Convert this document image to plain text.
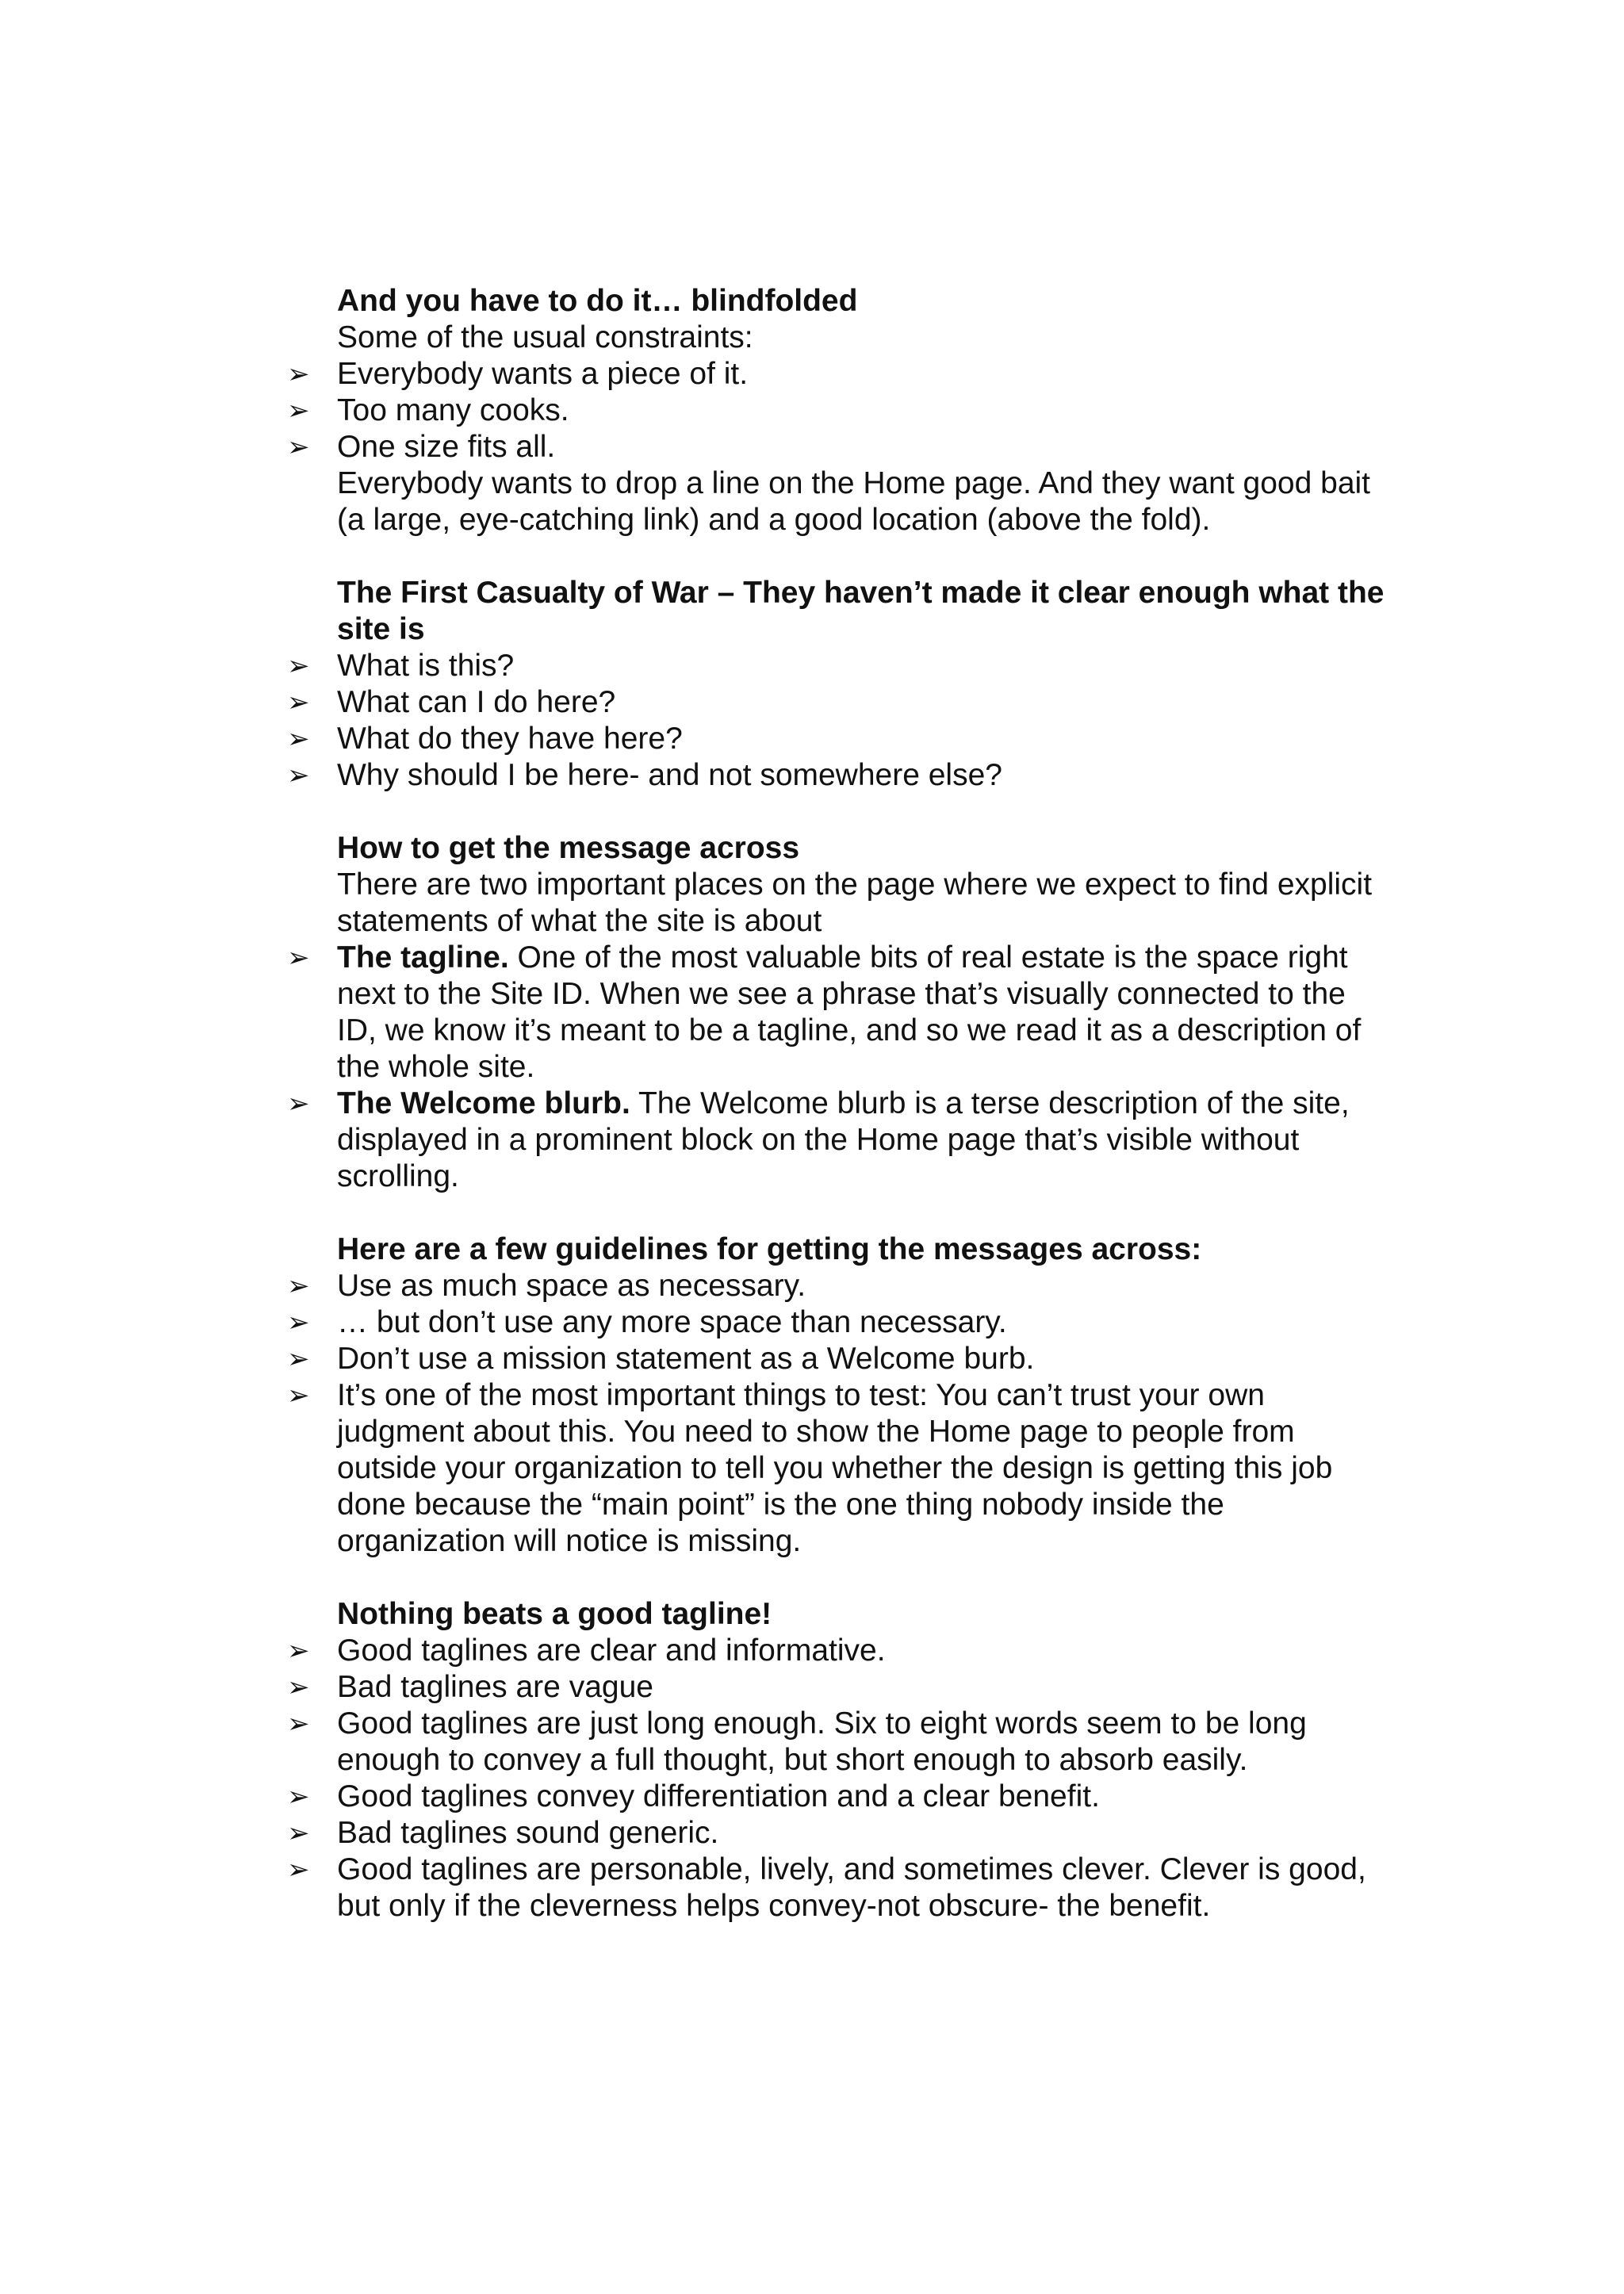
And you have to do it… blindfolded

Some of the usual constraints:

➢ Everybody wants a piece of it.
➢ Too many cooks.
➢ One size fits all.

Everybody wants to drop a line on the Home page. And they want good bait (a large, eye-catching link) and a good location (above the fold).

The First Casualty of War – They haven’t made it clear enough what the site is

➢ What is this?
➢ What can I do here?
➢ What do they have here?
➢ Why should I be here- and not somewhere else?

How to get the message across

There are two important places on the page where we expect to find explicit statements of what the site is about

➢ The tagline. One of the most valuable bits of real estate is the space right next to the Site ID. When we see a phrase that’s visually connected to the ID, we know it’s meant to be a tagline, and so we read it as a description of the whole site.
➢ The Welcome blurb. The Welcome blurb is a terse description of the site, displayed in a prominent block on the Home page that’s visible without scrolling.

Here are a few guidelines for getting the messages across:

➢ Use as much space as necessary.
➢ … but don’t use any more space than necessary.
➢ Don’t use a mission statement as a Welcome burb.
➢ It’s one of the most important things to test: You can’t trust your own judgment about this. You need to show the Home page to people from outside your organization to tell you whether the design is getting this job done because the “main point” is the one thing nobody inside the organization will notice is missing.

Nothing beats a good tagline!

➢ Good taglines are clear and informative.
➢ Bad taglines are vague
➢ Good taglines are just long enough. Six to eight words seem to be long enough to convey a full thought, but short enough to absorb easily.
➢ Good taglines convey differentiation and a clear benefit.
➢ Bad taglines sound generic.
➢ Good taglines are personable, lively, and sometimes clever. Clever is good, but only if the cleverness helps convey-not obscure- the benefit.
